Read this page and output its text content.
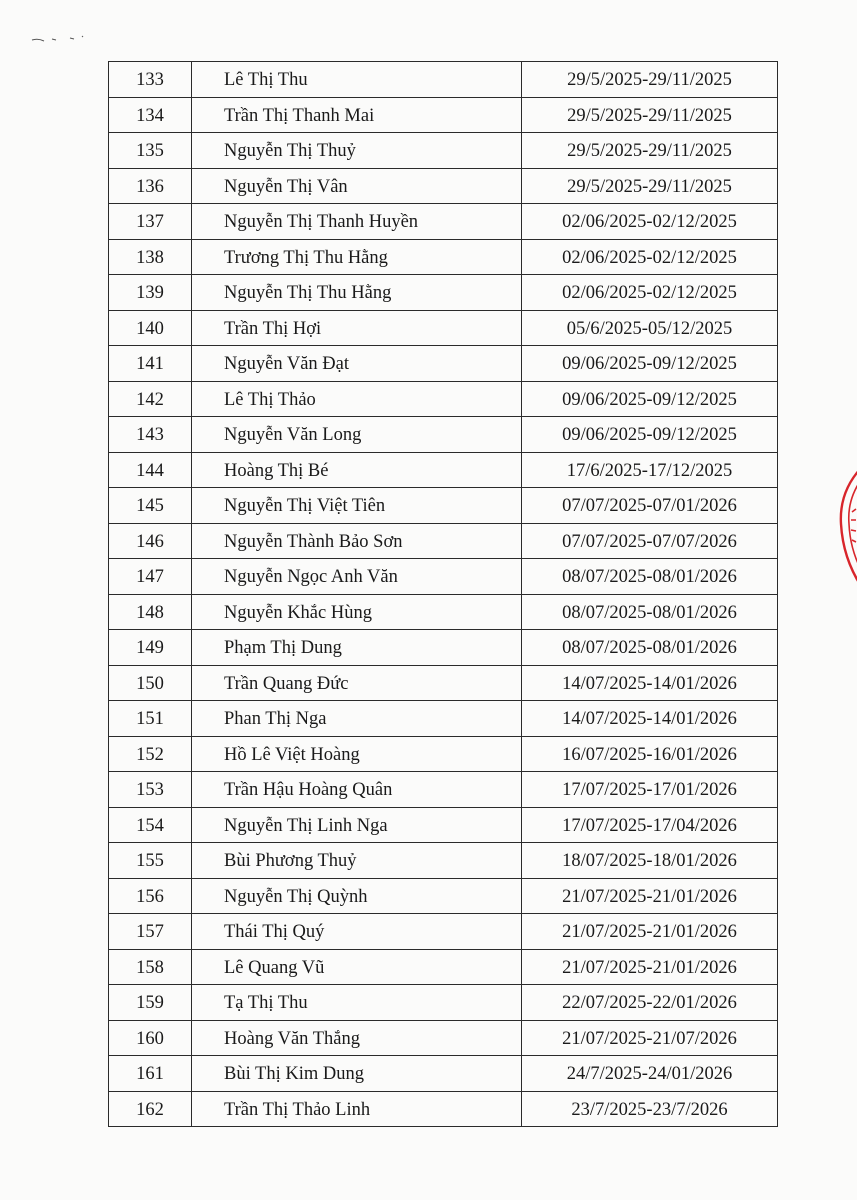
133	Lê Thị Thu	29/5/2025-29/11/2025

134	Trần Thị Thanh Mai	29/5/2025-29/11/2025

135	Nguyễn Thị Thuỷ	29/5/2025-29/11/2025

136	Nguyễn Thị Vân	29/5/2025-29/11/2025

137	Nguyễn Thị Thanh Huyền	02/06/2025-02/12/2025

138	Trương Thị Thu Hằng	02/06/2025-02/12/2025

139	Nguyễn Thị Thu Hằng	02/06/2025-02/12/2025

140	Trần Thị Hợi	05/6/2025-05/12/2025

141	Nguyễn Văn Đạt	09/06/2025-09/12/2025

142	Lê Thị Thảo	09/06/2025-09/12/2025

143	Nguyễn Văn Long	09/06/2025-09/12/2025

144	Hoàng Thị Bé	17/6/2025-17/12/2025

145	Nguyễn Thị Việt Tiên	07/07/2025-07/01/2026

146	Nguyễn Thành Bảo Sơn	07/07/2025-07/07/2026

147	Nguyễn Ngọc Anh Văn	08/07/2025-08/01/2026

148	Nguyễn Khắc Hùng	08/07/2025-08/01/2026

149	Phạm Thị Dung	08/07/2025-08/01/2026

150	Trần Quang Đức	14/07/2025-14/01/2026

151	Phan Thị Nga	14/07/2025-14/01/2026

152	Hồ Lê Việt Hoàng	16/07/2025-16/01/2026

153	Trần Hậu Hoàng Quân	17/07/2025-17/01/2026

154	Nguyễn Thị Linh Nga	17/07/2025-17/04/2026

155	Bùi Phương Thuỷ	18/07/2025-18/01/2026

156	Nguyễn Thị Quỳnh	21/07/2025-21/01/2026

157	Thái Thị Quý	21/07/2025-21/01/2026

158	Lê Quang Vũ	21/07/2025-21/01/2026

159	Tạ Thị Thu	22/07/2025-22/01/2026

160	Hoàng Văn Thắng	21/07/2025-21/07/2026

161	Bùi Thị Kim Dung	24/7/2025-24/01/2026

162	Trần Thị Thảo Linh	23/7/2025-23/7/2026
